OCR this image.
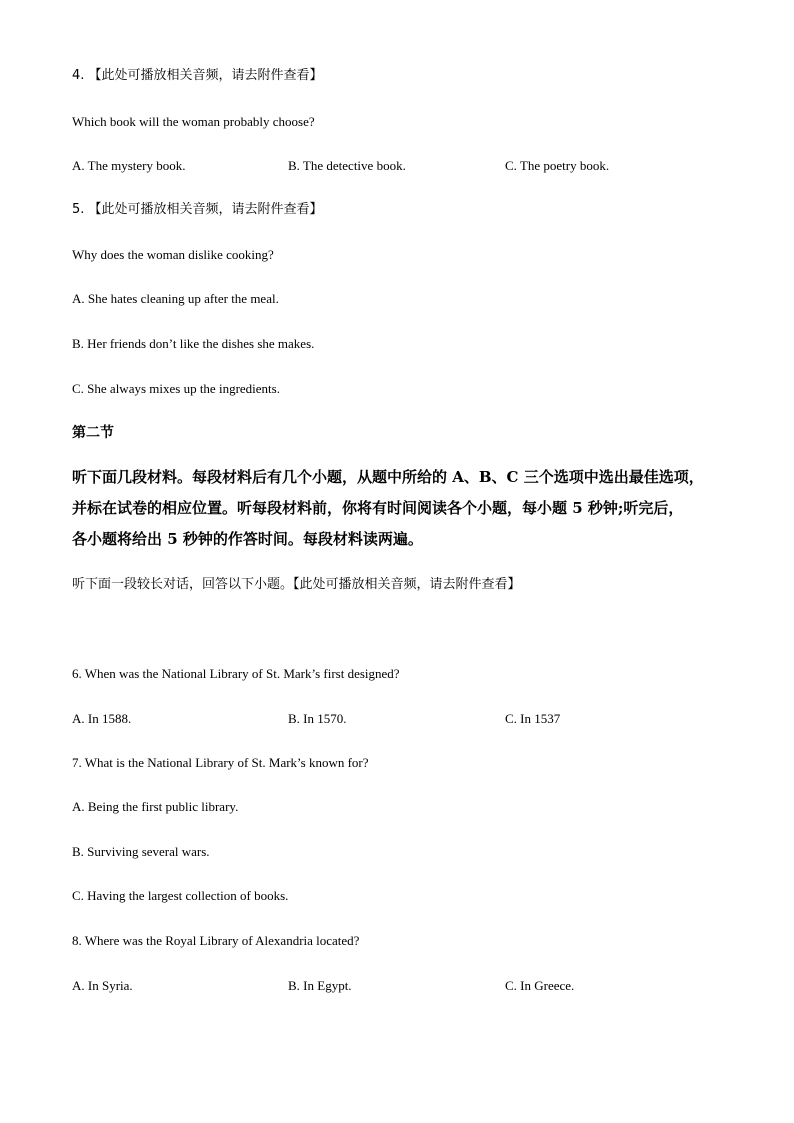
4. 【此处可播放相关音频，请去附件查看】
Which book will the woman probably choose?
A. The mystery book.	B. The detective book.	C. The poetry book.
5. 【此处可播放相关音频，请去附件查看】
Why does the woman dislike cooking?
A. She hates cleaning up after the meal.
B. Her friends don’t like the dishes she makes.
C. She always mixes up the ingredients.
第二节
听下面几段材料。每段材料后有几个小题，从题中所给的 A、B、C 三个选项中选出最佳选项，
并标在试卷的相应位置。听每段材料前，你将有时间阅读各个小题，每小题 5 秒钟;听完后，
各小题将给出 5 秒钟的作答时间。每段材料读两遍。
听下面一段较长对话，回答以下小题。【此处可播放相关音频，请去附件查看】
6. When was the National Library of St. Mark’s first designed?
A. In 1588.	B. In 1570.	C. In 1537
7. What is the National Library of St. Mark’s known for?
A. Being the first public library.
B. Surviving several wars.
C. Having the largest collection of books.
8. Where was the Royal Library of Alexandria located?
A. In Syria.	B. In Egypt.	C. In Greece.
